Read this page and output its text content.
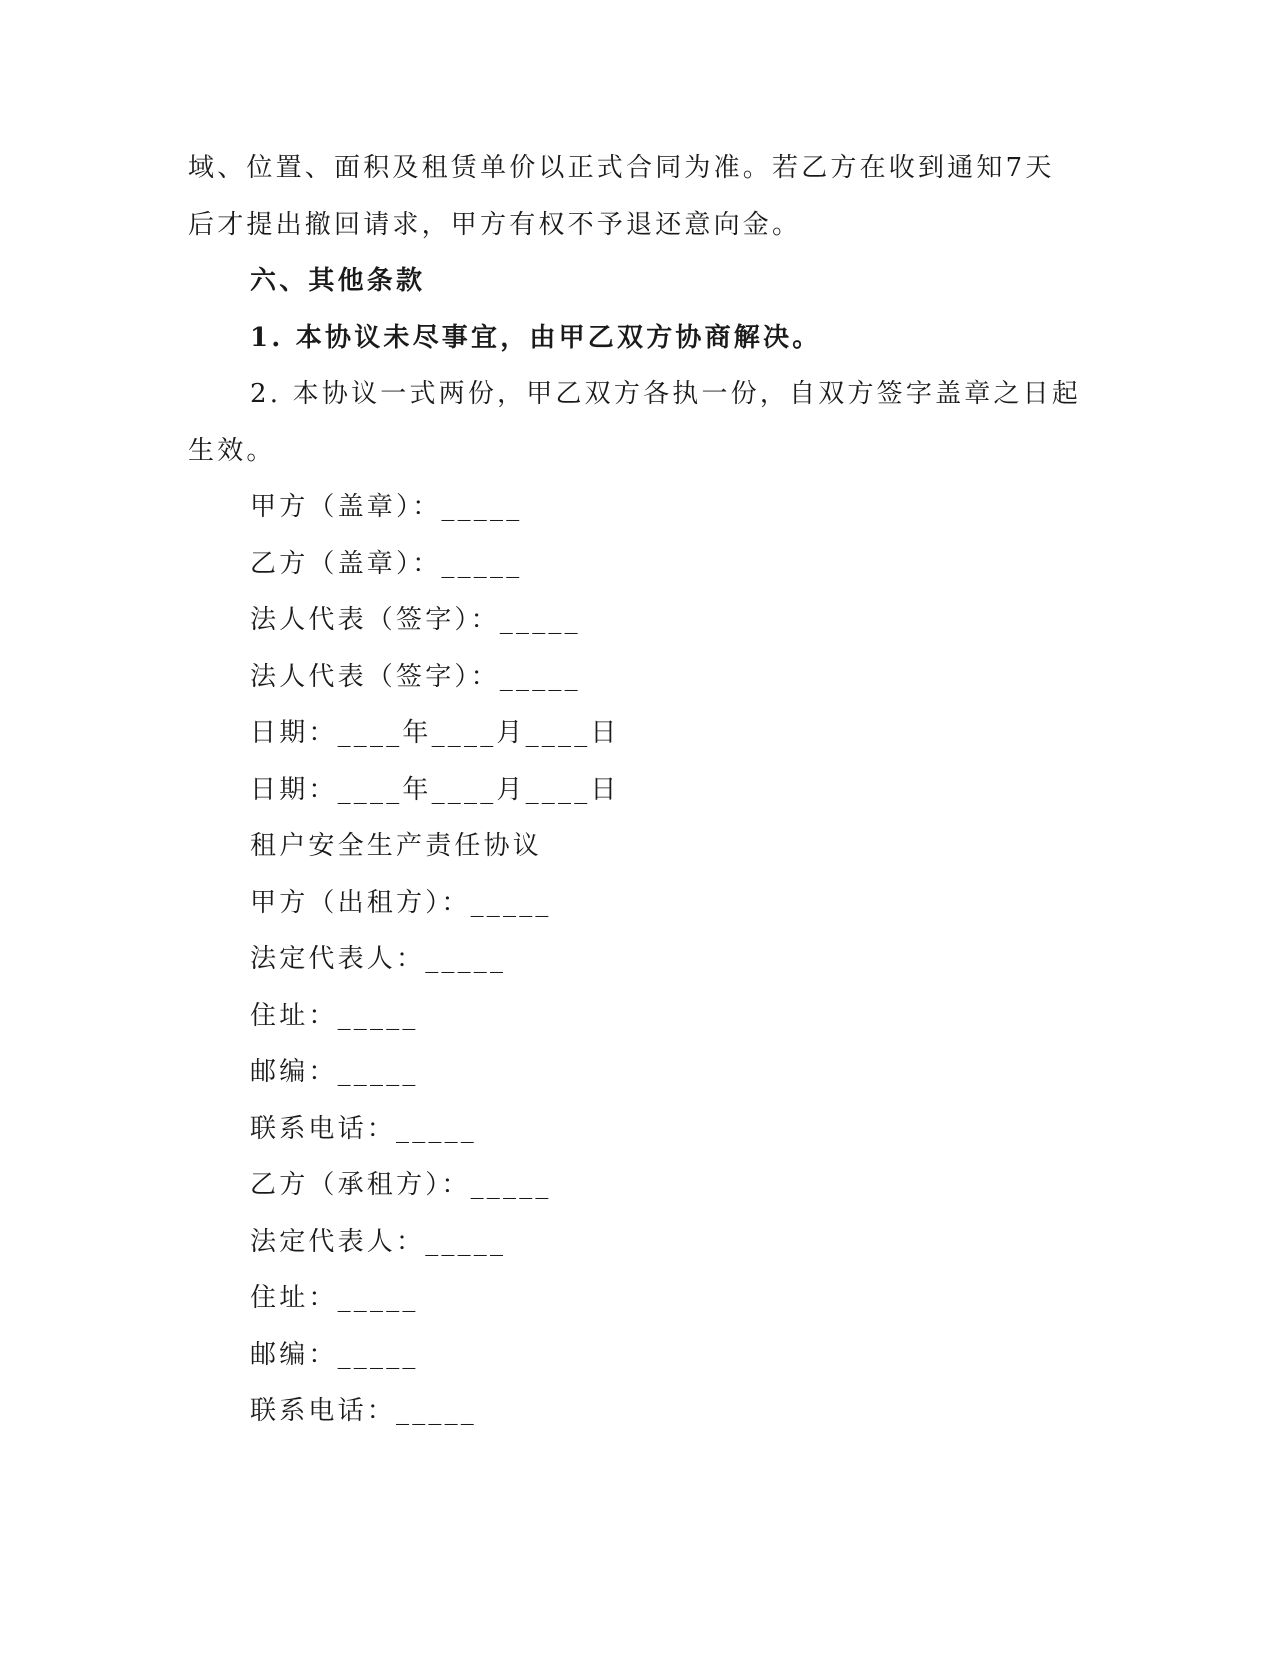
域、位置、面积及租赁单价以正式合同为准。若乙方在收到通知7天
后才提出撤回请求，甲方有权不予退还意向金。
六、其他条款
1. 本协议未尽事宜，由甲乙双方协商解决。
2. 本协议一式两份，甲乙双方各执一份，自双方签字盖章之日起
生效。
甲方（盖章）：_____
乙方（盖章）：_____
法人代表（签字）：_____
法人代表（签字）：_____
日期：____年____月____日
日期：____年____月____日
租户安全生产责任协议
甲方（出租方）：_____
法定代表人：_____
住址：_____
邮编：_____
联系电话：_____
乙方（承租方）：_____
法定代表人：_____
住址：_____
邮编：_____
联系电话：_____
